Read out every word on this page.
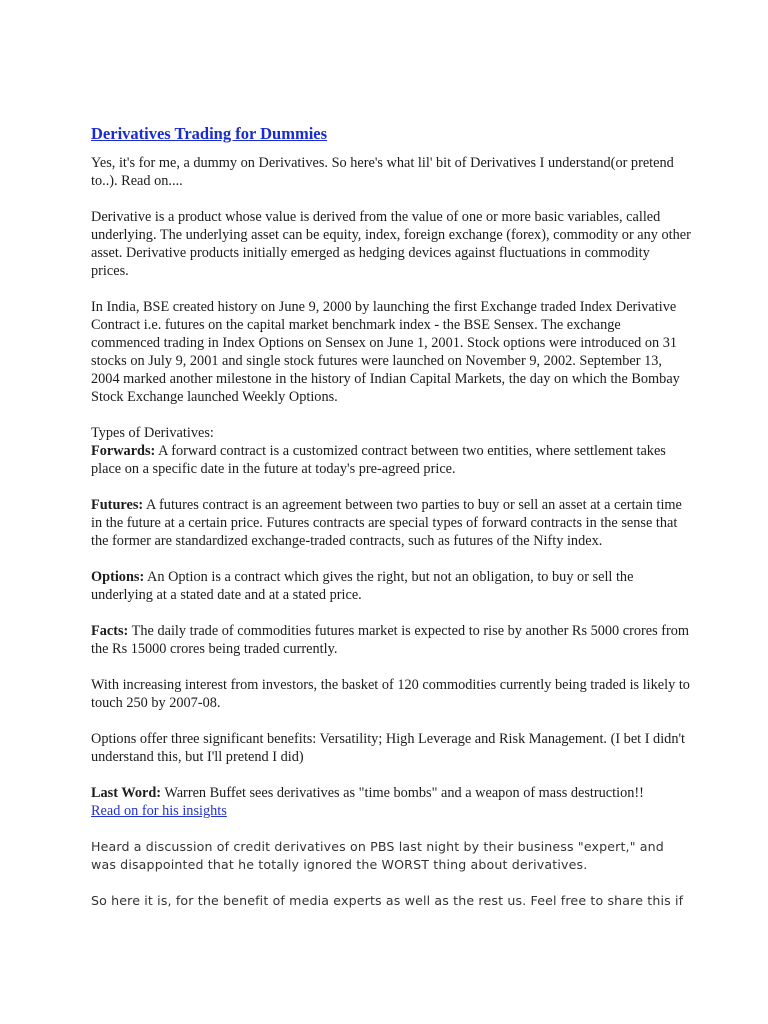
Derivatives Trading for Dummies

Yes, it's for me, a dummy on Derivatives. So here's what lil' bit of Derivatives I understand(or pretend to..). Read on....

Derivative is a product whose value is derived from the value of one or more basic variables, called underlying. The underlying asset can be equity, index, foreign exchange (forex), commodity or any other asset. Derivative products initially emerged as hedging devices against fluctuations in commodity prices.

In India, BSE created history on June 9, 2000 by launching the first Exchange traded Index Derivative Contract i.e. futures on the capital market benchmark index - the BSE Sensex. The exchange commenced trading in Index Options on Sensex on June 1, 2001. Stock options were introduced on 31 stocks on July 9, 2001 and single stock futures were launched on November 9, 2002. September 13, 2004 marked another milestone in the history of Indian Capital Markets, the day on which the Bombay Stock Exchange launched Weekly Options.

Types of Derivatives:

Forwards: A forward contract is a customized contract between two entities, where settlement takes place on a specific date in the future at today's pre-agreed price.

Futures: A futures contract is an agreement between two parties to buy or sell an asset at a certain time in the future at a certain price. Futures contracts are special types of forward contracts in the sense that the former are standardized exchange-traded contracts, such as futures of the Nifty index.

Options: An Option is a contract which gives the right, but not an obligation, to buy or sell the underlying at a stated date and at a stated price.

Facts: The daily trade of commodities futures market is expected to rise by another Rs 5000 crores from the Rs 15000 crores being traded currently.

With increasing interest from investors, the basket of 120 commodities currently being traded is likely to touch 250 by 2007-08.

Options offer three significant benefits: Versatility; High Leverage and Risk Management. (I bet I didn't understand this, but I'll pretend I did)

Last Word: Warren Buffet sees derivatives as "time bombs" and a weapon of mass destruction!!
Read on for his insights

Heard a discussion of credit derivatives on PBS last night by their business "expert," and was disappointed that he totally ignored the WORST thing about derivatives.

So here it is, for the benefit of media experts as well as the rest us. Feel free to share this if
